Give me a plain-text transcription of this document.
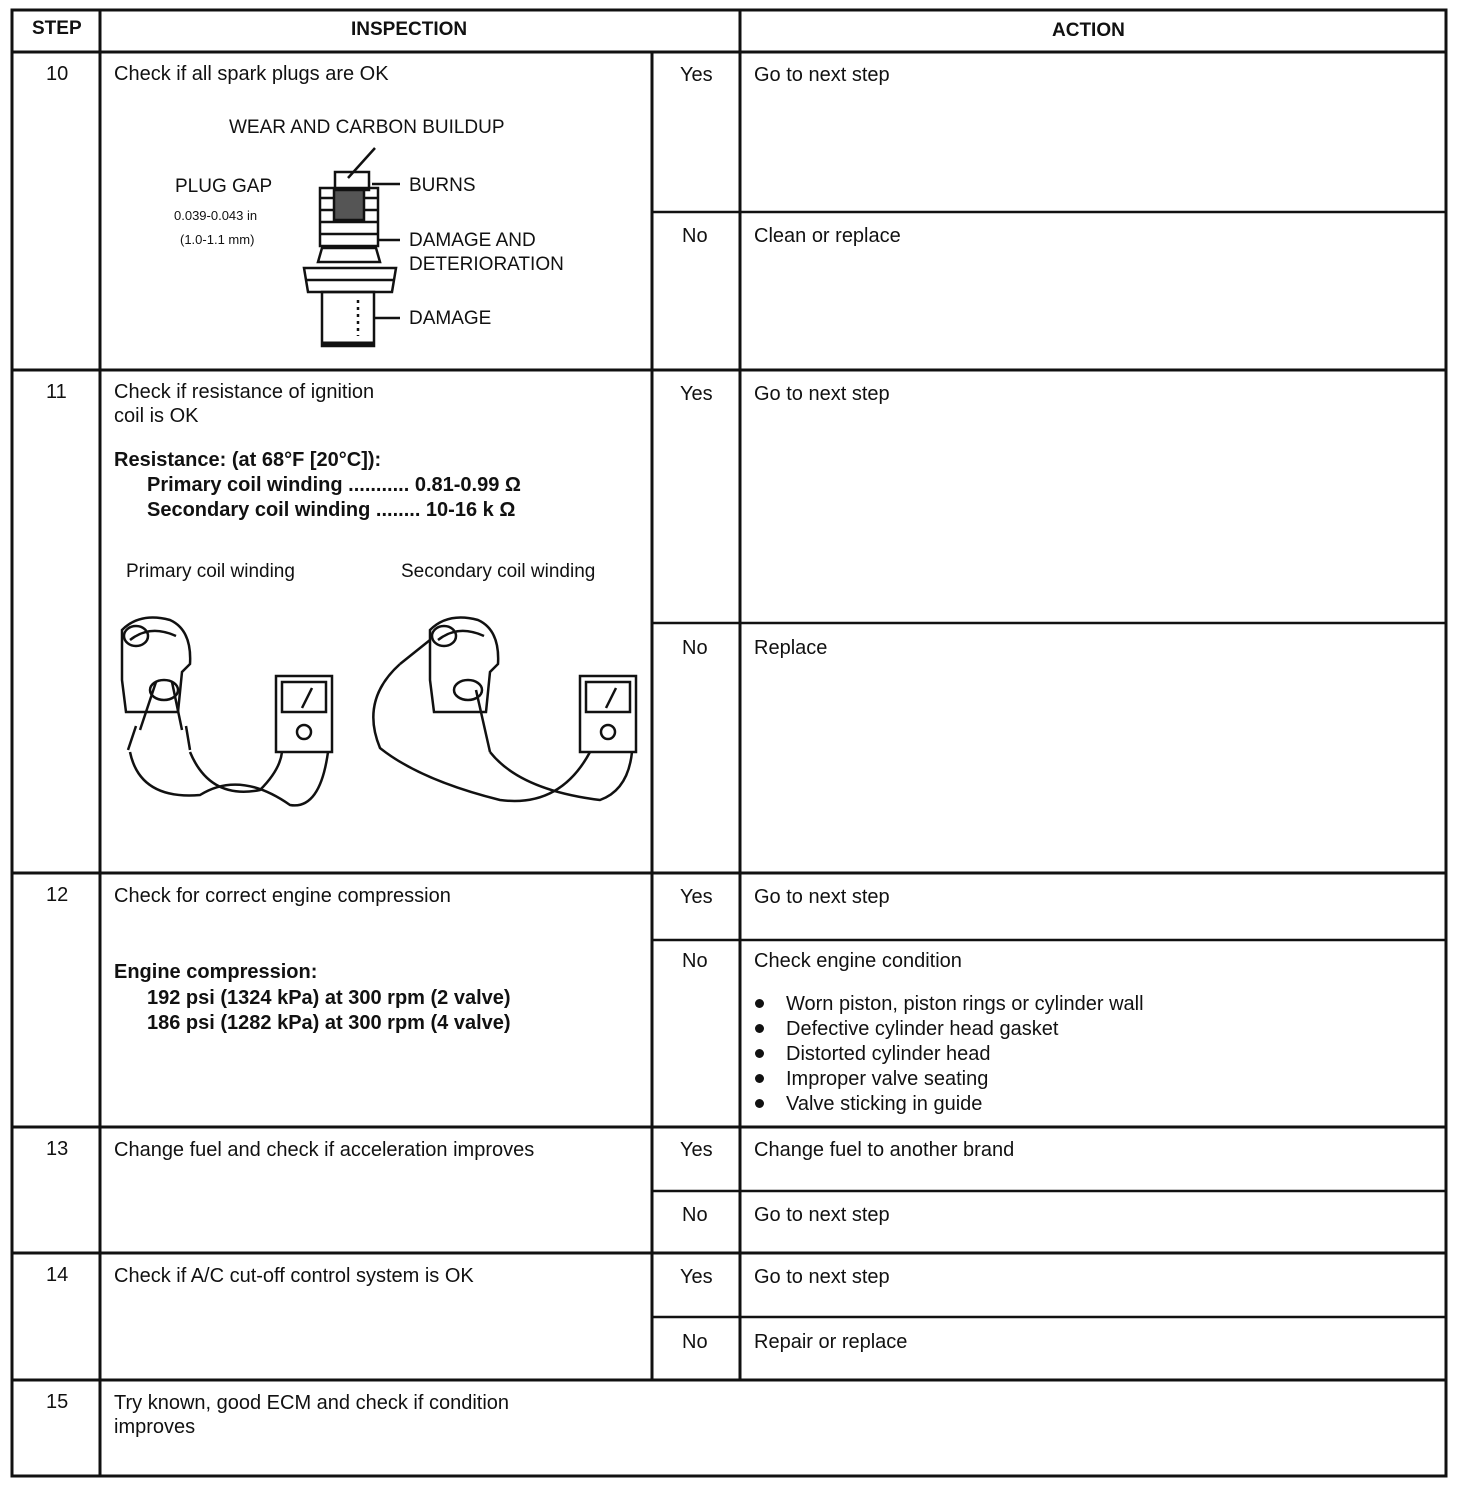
STEP	INSPECTION	ACTION
10 Check if all spark plugs are OK
WEAR AND CARBON BUILDUP
PLUG GAP
0.039-0.043 in
(1.0-1.1 mm)
BURNS
DAMAGE AND
DETERIORATION
DAMAGE
Yes Go to next step
No Clean or replace
11 Check if resistance of ignition
coil is OK
Resistance: (at 68°F [20°C]):
Primary coil winding ........... 0.81-0.99 Ω
Secondary coil winding ........ 10-16 k Ω
Primary coil winding	Secondary coil winding
Yes Go to next step
No Replace
12 Check for correct engine compression
Engine compression:
192 psi (1324 kPa) at 300 rpm (2 valve)
186 psi (1282 kPa) at 300 rpm (4 valve)
Yes Go to next step
No Check engine condition
Worn piston, piston rings or cylinder wall
Defective cylinder head gasket
Distorted cylinder head
Improper valve seating
Valve sticking in guide
13 Change fuel and check if acceleration improves	Yes Change fuel to another brand
No Go to next step
14 Check if A/C cut-off control system is OK	Yes Go to next step
No Repair or replace
15 Try known, good ECM and check if condition
improves
